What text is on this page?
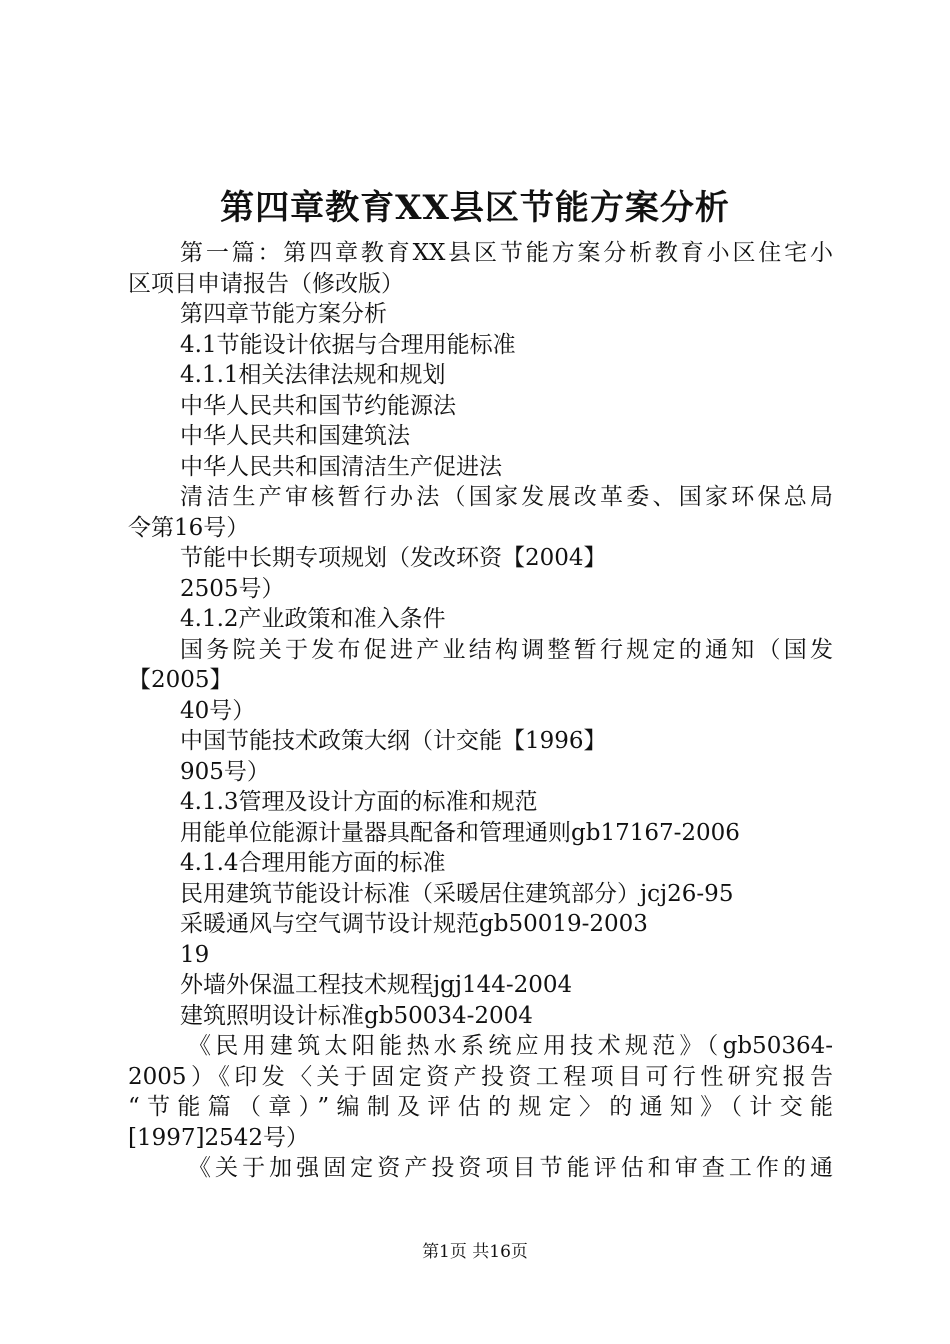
第四章教育XX县区节能方案分析
第一篇：第四章教育XX县区节能方案分析教育小区住宅小
区项目申请报告（修改版）
第四章节能方案分析
4.1节能设计依据与合理用能标准
4.1.1相关法律法规和规划
中华人民共和国节约能源法
中华人民共和国建筑法
中华人民共和国清洁生产促进法
清洁生产审核暂行办法（国家发展改革委、国家环保总局
令第16号）
节能中长期专项规划（发改环资【2004】
2505号）
4.1.2产业政策和准入条件
国务院关于发布促进产业结构调整暂行规定的通知（国发
【2005】
40号）
中国节能技术政策大纲（计交能【1996】
905号）
4.1.3管理及设计方面的标准和规范
用能单位能源计量器具配备和管理通则gb17167-2006
4.1.4合理用能方面的标准
民用建筑节能设计标准（采暖居住建筑部分）jcj26-95
采暖通风与空气调节设计规范gb50019-2003
19
外墙外保温工程技术规程jgj144-2004
建筑照明设计标准gb50034-2004
《民用建筑太阳能热水系统应用技术规范》（gb50364-
2005）《印发〈关于固定资产投资工程项目可行性研究报告
“节能篇（章）”编制及评估的规定〉的通知》（计交能
[1997]2542号）
《关于加强固定资产投资项目节能评估和审查工作的通
第1页 共16页
